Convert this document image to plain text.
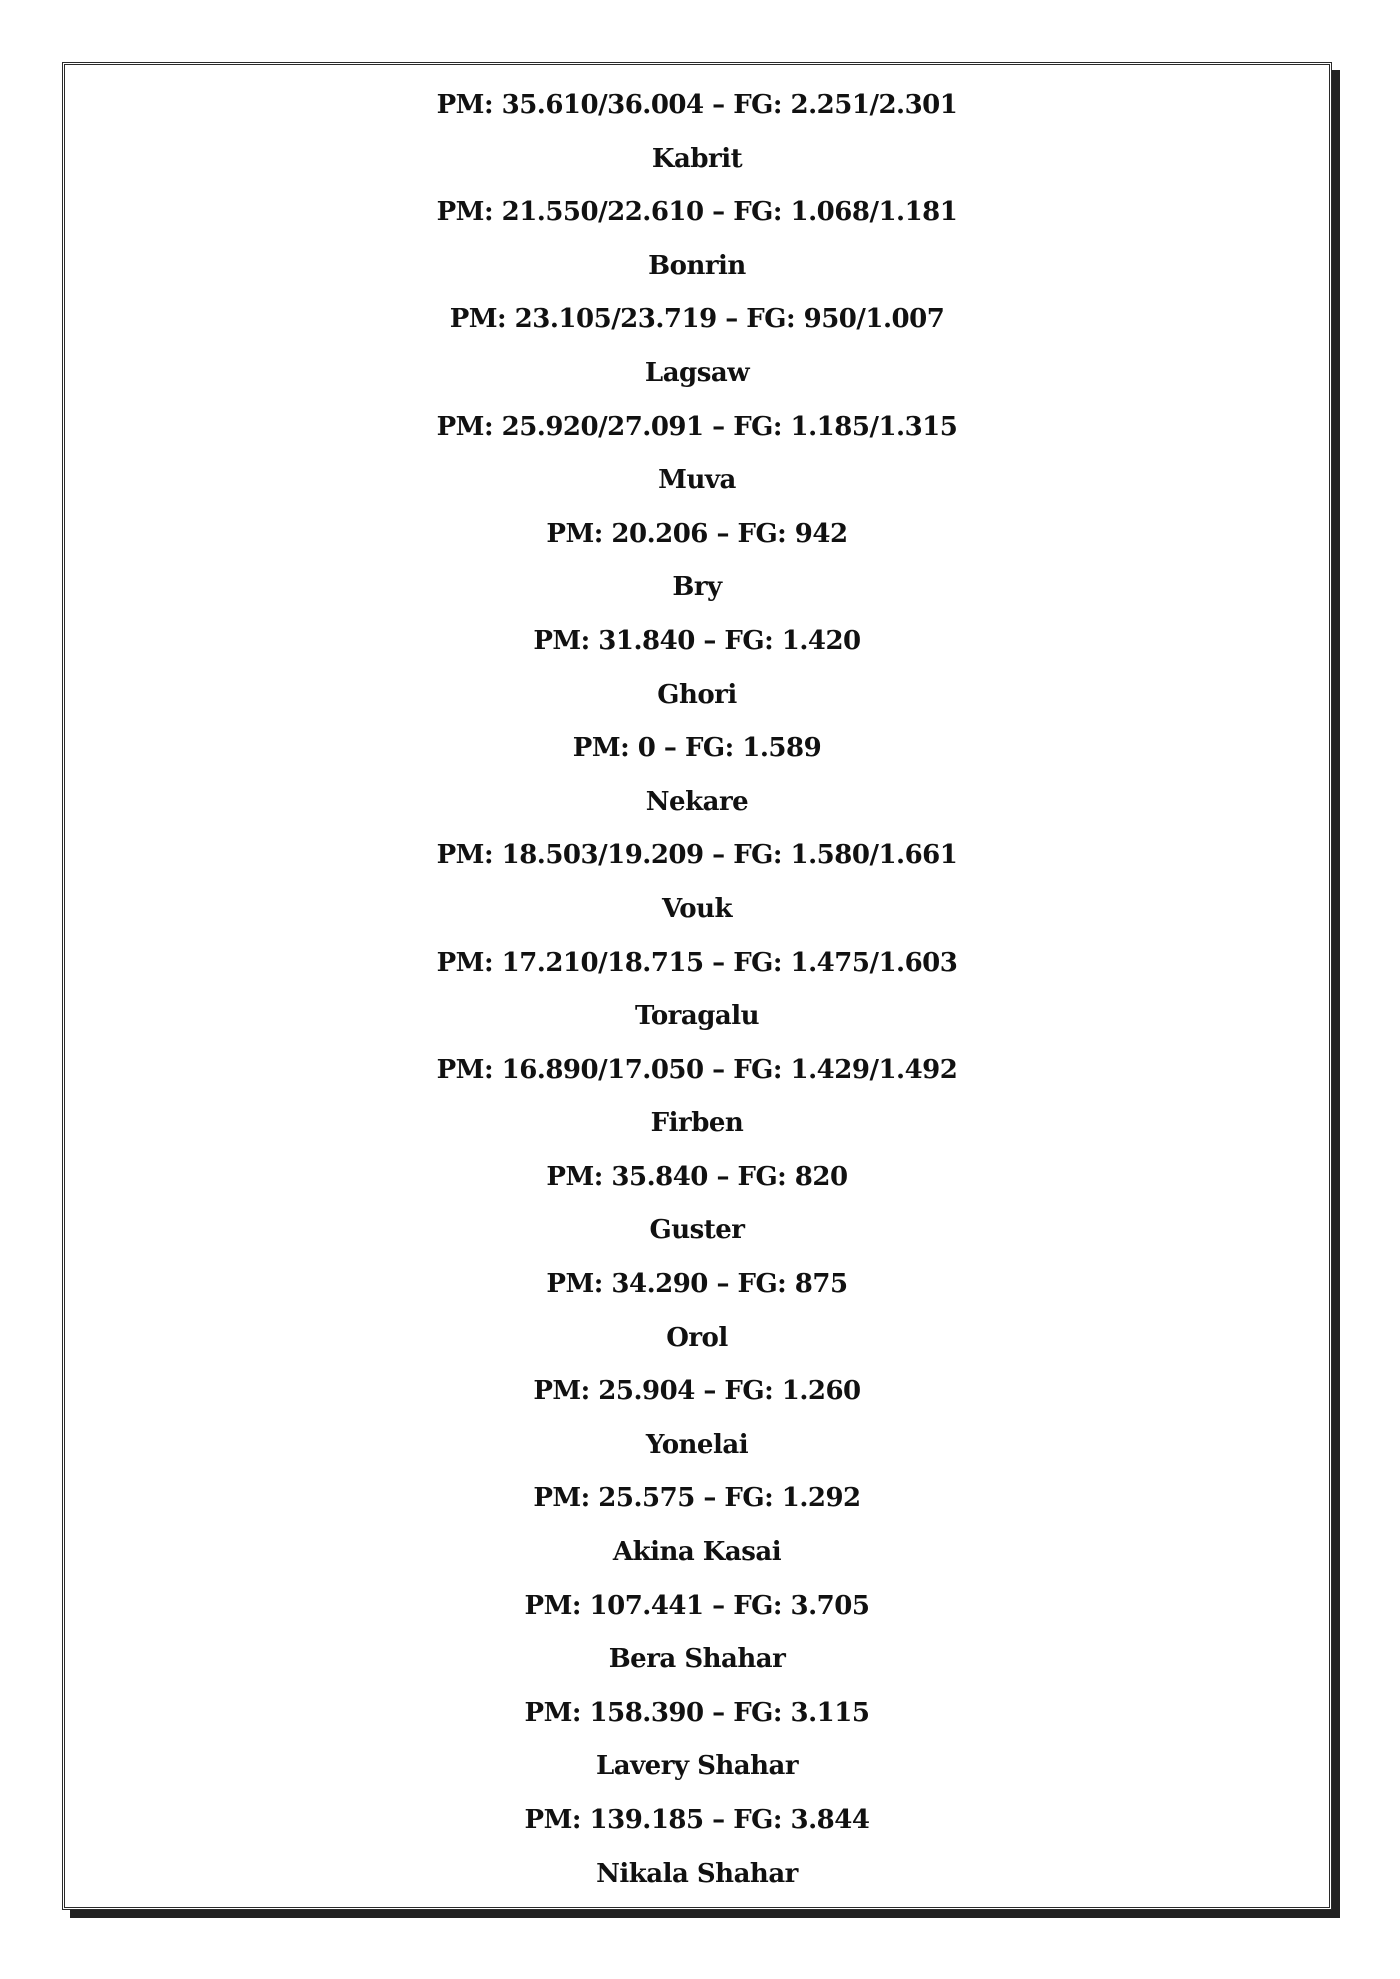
PM: 35.610/36.004 – FG: 2.251/2.301
Kabrit
PM: 21.550/22.610 – FG: 1.068/1.181
Bonrin
PM: 23.105/23.719 – FG: 950/1.007
Lagsaw
PM: 25.920/27.091 – FG: 1.185/1.315
Muva
PM: 20.206 – FG: 942
Bry
PM: 31.840 – FG: 1.420
Ghori
PM: 0 – FG: 1.589
Nekare
PM: 18.503/19.209 – FG: 1.580/1.661
Vouk
PM: 17.210/18.715 – FG: 1.475/1.603
Toragalu
PM: 16.890/17.050 – FG: 1.429/1.492
Firben
PM: 35.840 – FG: 820
Guster
PM: 34.290 – FG: 875
Orol
PM: 25.904 – FG: 1.260
Yonelai
PM: 25.575 – FG: 1.292
Akina Kasai
PM: 107.441 – FG: 3.705
Bera Shahar
PM: 158.390 – FG: 3.115
Lavery Shahar
PM: 139.185 – FG: 3.844
Nikala Shahar
